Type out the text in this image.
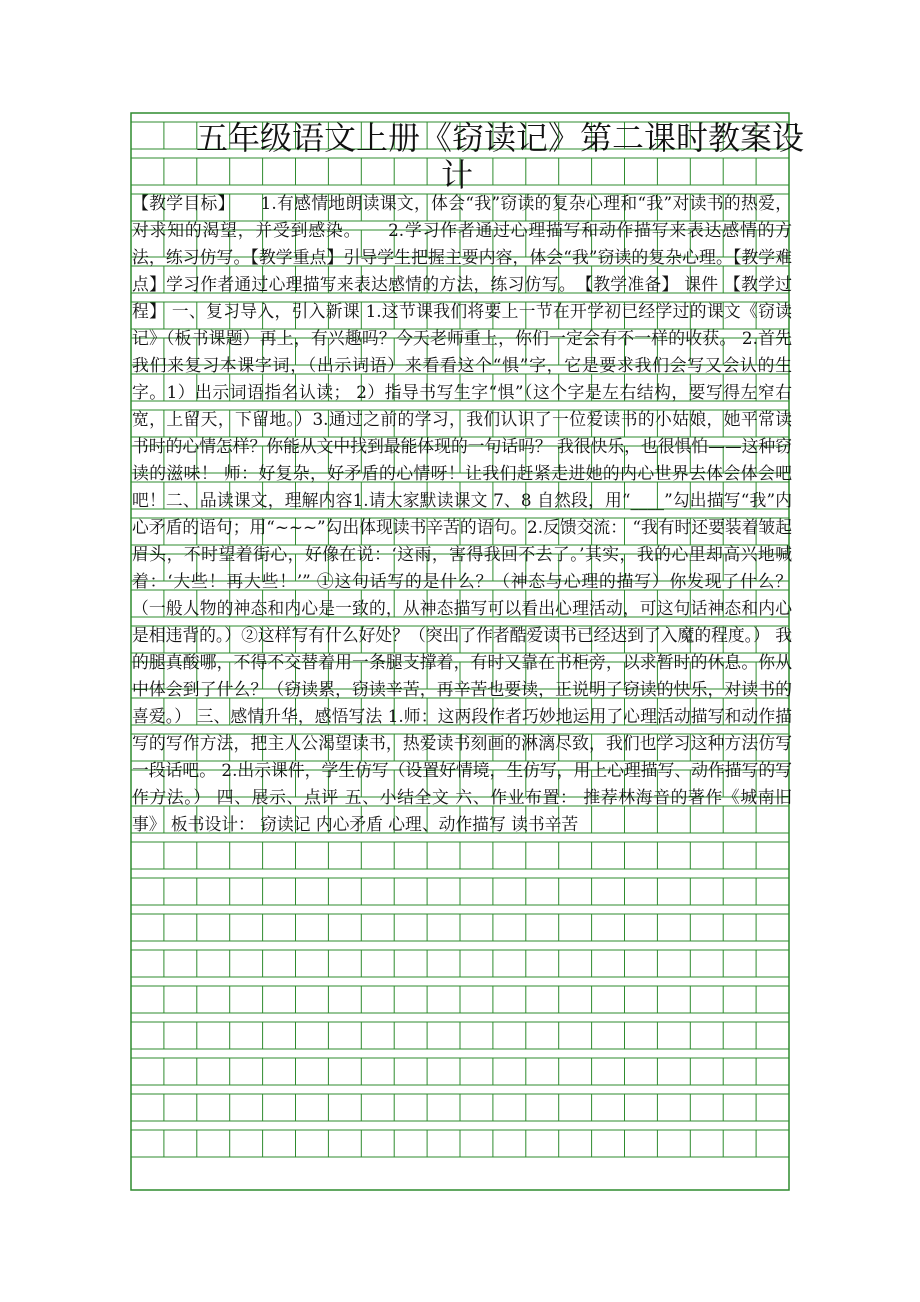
五年级语文上册《窃读记》第二课时教案设
计
【教学目标】　　1.有感情地朗读课文，体会“我”窃读的复杂心理和“我”对读书的热爱，对求知的渴望，并受到感染。　　2.学习作者通过心理描写和动作描写来表达感情的方法，练习仿写。【教学重点】引导学生把握主要内容，体会“我”窃读的复杂心理。【教学难点】学习作者通过心理描写来表达感情的方法，练习仿写。　【教学准备】 课件 【教学过程】 一、复习导入，引入新课 1.这节课我们将要上一节在开学初已经学过的课文《窃读记》（板书课题）再上，有兴趣吗？今天老师重上，你们一定会有不一样的收获。 2.首先我们来复习本课字词，（出示词语）来看看这个“惧”字，它是要求我们会写又会认的生字。1）出示词语指名认读； 2）指导书写生字“惧”（这个字是左右结构，要写得左窄右宽，上留天，下留地。）3.通过之前的学习，我们认识了一位爱读书的小姑娘，她平常读书时的心情怎样？你能从文中找到最能体现的一句话吗？ 我很快乐，也很惧怕——这种窃读的滋味！ 师：好复杂，好矛盾的心情呀！让我们赶紧走进她的内心世界去体会体会吧吧！二、品读课文，理解内容1.请大家默读课文 7、8 自然段，用“____”勾出描写“我”内心矛盾的语句；用“~~~”勾出体现读书辛苦的语句。2.反馈交流： “我有时还要装着皱起眉头，不时望着街心，好像在说：‘这雨，害得我回不去了。’其实，我的心里却高兴地喊着：‘大些！再大些！’” ①这句话写的是什么？（神态与心理的描写）你发现了什么？（一般人物的神态和内心是一致的，从神态描写可以看出心理活动，可这句话神态和内心是相违背的。）②这样写有什么好处？（突出了作者酷爱读书已经达到了入魔的程度。） 我的腿真酸哪，不得不交替着用一条腿支撑着，有时又靠在书柜旁，以求暂时的休息。你从中体会到了什么？（窃读累，窃读辛苦，再辛苦也要读，正说明了窃读的快乐，对读书的喜爱。） 三、感情升华，感悟写法 1.师：这两段作者巧妙地运用了心理活动描写和动作描写的写作方法，把主人公渴望读书，热爱读书刻画的淋漓尽致，我们也学习这种方法仿写一段话吧。 2.出示课件，学生仿写（设置好情境，生仿写，用上心理描写、动作描写的写作方法。） 四、展示、点评 五、小结全文 六、作业布置： 推荐林海音的著作《城南旧事》 板书设计： 窃读记 内心矛盾 心理、动作描写 读书辛苦
